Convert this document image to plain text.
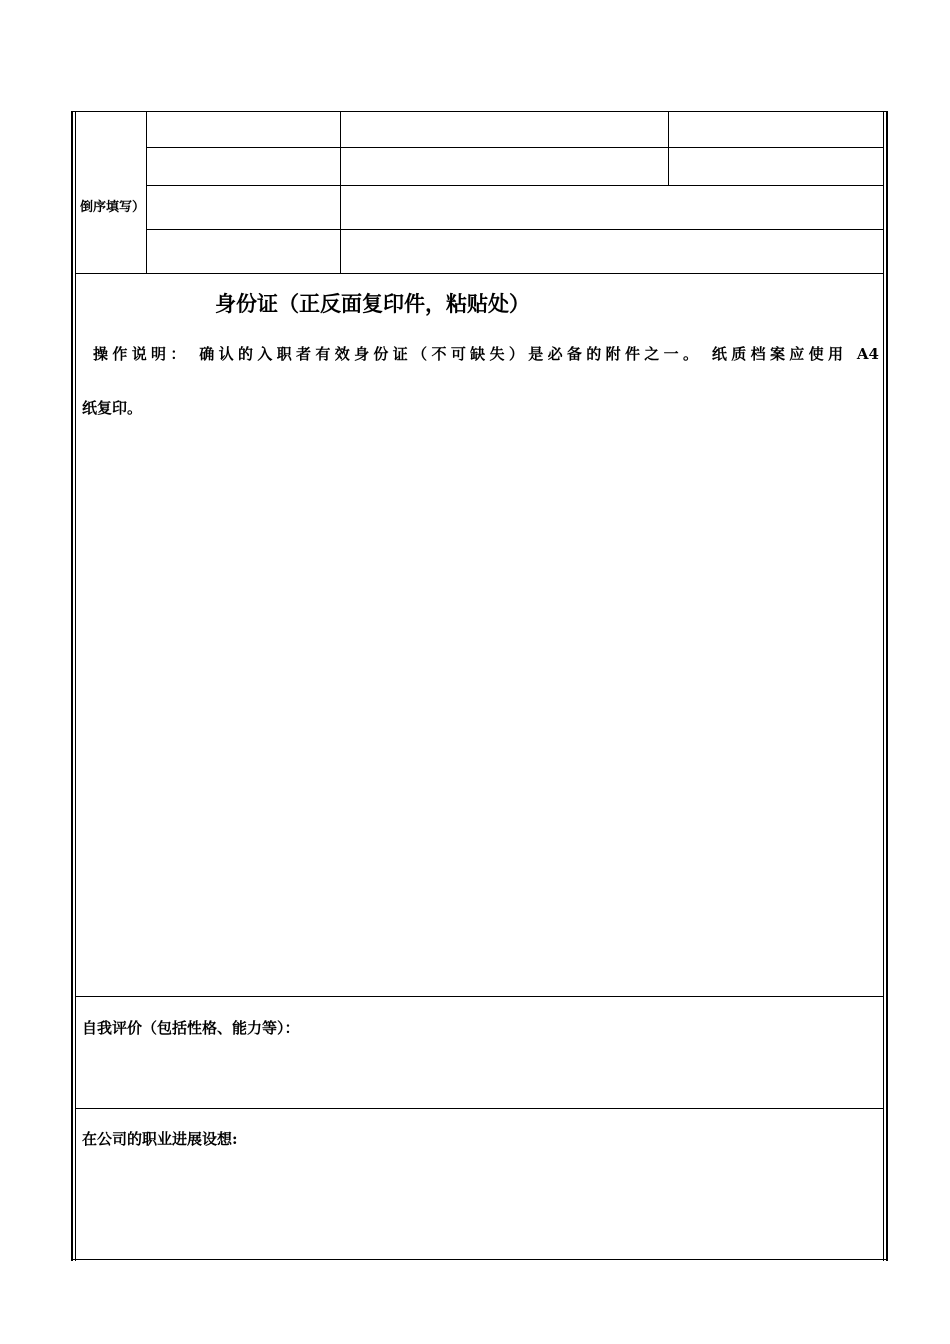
倒序填写）
身份证（正反面复印件，粘贴处）
操作说明： 确认的入职者有效身份证（不可缺失）是必备的附件之一。 纸质档案应使用 A4
纸复印。
自我评价（包括性格、能力等）：
在公司的职业进展设想:
